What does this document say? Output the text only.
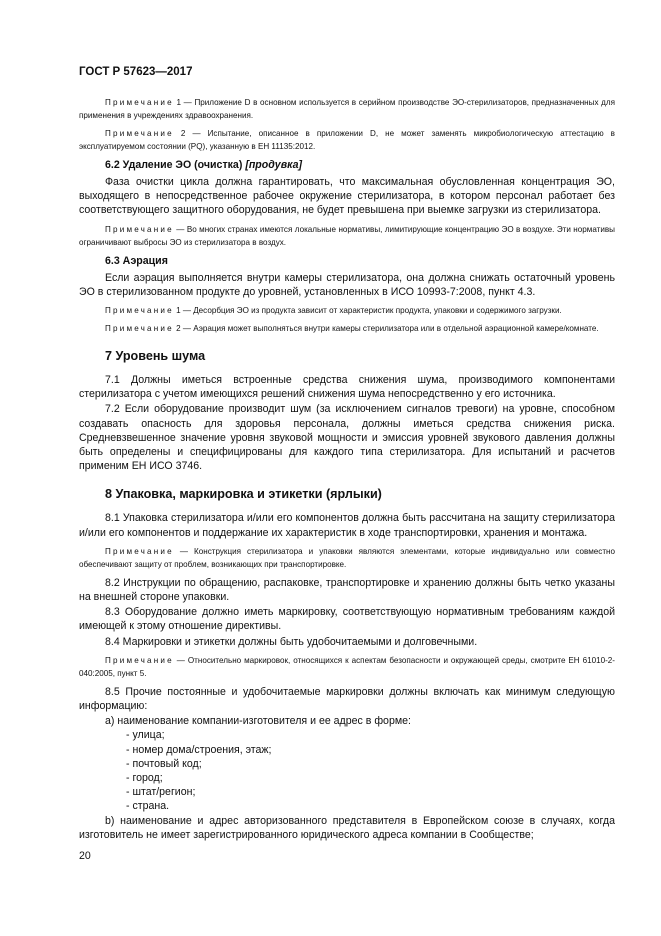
ГОСТ Р 57623—2017

Примечание 1 — Приложение D в основном используется в серийном производстве ЭО-стерилизаторов, предназначенных для применения в учреждениях здравоохранения.

Примечание 2 — Испытание, описанное в приложении D, не может заменять микробиологическую аттестацию в эксплуатируемом состоянии (PQ), указанную в ЕН 11135:2012.

6.2 Удаление ЭО (очистка) [продувка]

Фаза очистки цикла должна гарантировать, что максимальная обусловленная концентрация ЭО, выходящего в непосредственное рабочее окружение стерилизатора, в котором персонал работает без соответствующего защитного оборудования, не будет превышена при выемке загрузки из стерилизатора.

Примечание — Во многих странах имеются локальные нормативы, лимитирующие концентрацию ЭО в воздухе. Эти нормативы ограничивают выбросы ЭО из стерилизатора в воздух.

6.3 Аэрация

Если аэрация выполняется внутри камеры стерилизатора, она должна снижать остаточный уровень ЭО в стерилизованном продукте до уровней, установленных в ИСО 10993-7:2008, пункт 4.3.

Примечание 1 — Десорбция ЭО из продукта зависит от характеристик продукта, упаковки и содержимого загрузки.

Примечание 2 — Аэрация может выполняться внутри камеры стерилизатора или в отдельной аэрационной камере/комнате.

7 Уровень шума

7.1 Должны иметься встроенные средства снижения шума, производимого компонентами стерилизатора с учетом имеющихся решений снижения шума непосредственно у его источника.

7.2 Если оборудование производит шум (за исключением сигналов тревоги) на уровне, способном создавать опасность для здоровья персонала, должны иметься средства снижения риска. Средневзвешенное значение уровня звуковой мощности и эмиссия уровней звукового давления должны быть определены и специфицированы для каждого типа стерилизатора. Для испытаний и расчетов применим ЕН ИСО 3746.

8 Упаковка, маркировка и этикетки (ярлыки)

8.1 Упаковка стерилизатора и/или его компонентов должна быть рассчитана на защиту стерилизатора и/или его компонентов и поддержание их характеристик в ходе транспортировки, хранения и монтажа.

Примечание — Конструкция стерилизатора и упаковки являются элементами, которые индивидуально или совместно обеспечивают защиту от проблем, возникающих при транспортировке.

8.2 Инструкции по обращению, распаковке, транспортировке и хранению должны быть четко указаны на внешней стороне упаковки.

8.3 Оборудование должно иметь маркировку, соответствующую нормативным требованиям каждой имеющей к этому отношение директивы.

8.4 Маркировки и этикетки должны быть удобочитаемыми и долговечными.

Примечание — Относительно маркировок, относящихся к аспектам безопасности и окружающей среды, смотрите ЕН 61010-2-040:2005, пункт 5.

8.5 Прочие постоянные и удобочитаемые маркировки должны включать как минимум следующую информацию:

a) наименование компании-изготовителя и ее адрес в форме:

- улица;

- номер дома/строения, этаж;

- почтовый код;

- город;

- штат/регион;

- страна.

b) наименование и адрес авторизованного представителя в Европейском союзе в случаях, когда изготовитель не имеет зарегистрированного юридического адреса компании в Сообществе;

20
